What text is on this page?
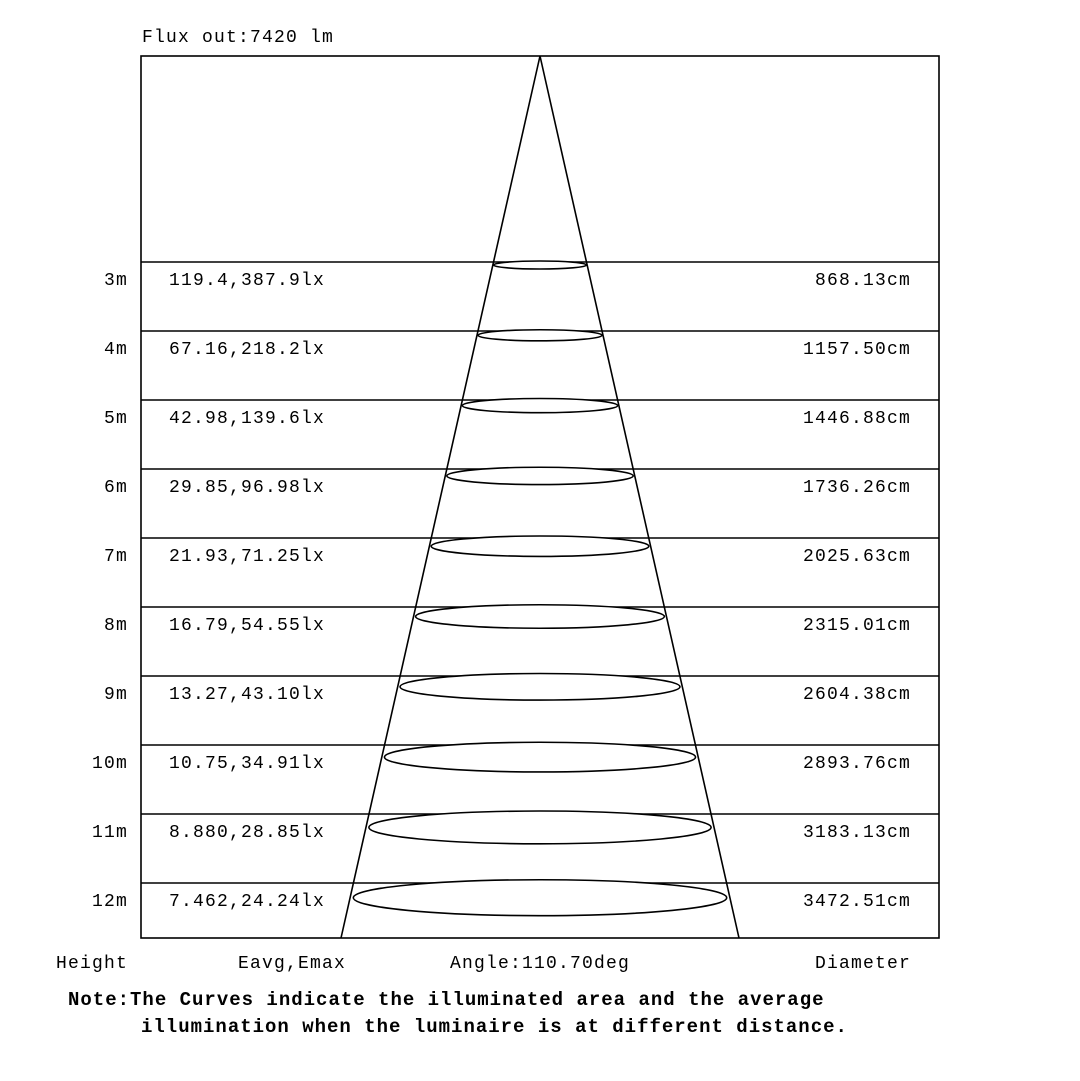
Flux out:7420 lm
3m 119.4,387.9lx	868.13cm
4m 67.16,218.2lx	1157.50cm
5m 42.98,139.6lx	1446.88cm
6m 29.85,96.98lx	1736.26cm
7m 21.93,71.25lx	2025.63cm
8m 16.79,54.55lx	2315.01cm
9m 13.27,43.10lx	2604.38cm
10m 10.75,34.91lx	2893.76cm
11m 8.880,28.85lx	3183.13cm
12m 7.462,24.24lx	3472.51cm
Height	Eavg,Emax	Angle:110.70deg	Diameter
Note:The Curves indicate the illuminated area and the average
illumination when the luminaire is at different distance.
